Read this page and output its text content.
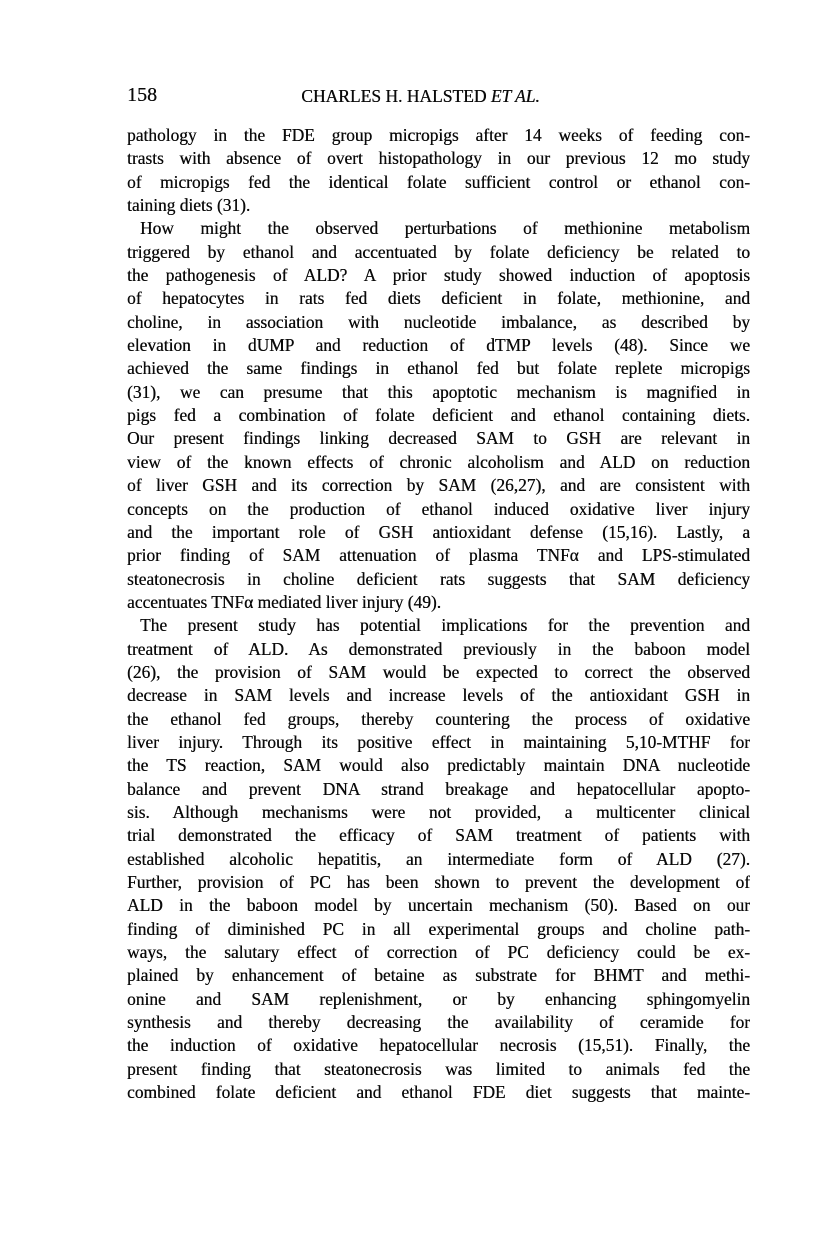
158	CHARLES H. HALSTED ET AL.
pathology in the FDE group micropigs after 14 weeks of feeding con-
trasts with absence of overt histopathology in our previous 12 mo study
of micropigs fed the identical folate sufficient control or ethanol con-
taining diets (31).
How might the observed perturbations of methionine metabolism
triggered by ethanol and accentuated by folate deficiency be related to
the pathogenesis of ALD? A prior study showed induction of apoptosis
of hepatocytes in rats fed diets deficient in folate, methionine, and
choline, in association with nucleotide imbalance, as described by
elevation in dUMP and reduction of dTMP levels (48). Since we
achieved the same findings in ethanol fed but folate replete micropigs
(31), we can presume that this apoptotic mechanism is magnified in
pigs fed a combination of folate deficient and ethanol containing diets.
Our present findings linking decreased SAM to GSH are relevant in
view of the known effects of chronic alcoholism and ALD on reduction
of liver GSH and its correction by SAM (26,27), and are consistent with
concepts on the production of ethanol induced oxidative liver injury
and the important role of GSH antioxidant defense (15,16). Lastly, a
prior finding of SAM attenuation of plasma TNFα and LPS-stimulated
steatonecrosis in choline deficient rats suggests that SAM deficiency
accentuates TNFα mediated liver injury (49).
The present study has potential implications for the prevention and
treatment of ALD. As demonstrated previously in the baboon model
(26), the provision of SAM would be expected to correct the observed
decrease in SAM levels and increase levels of the antioxidant GSH in
the ethanol fed groups, thereby countering the process of oxidative
liver injury. Through its positive effect in maintaining 5,10-MTHF for
the TS reaction, SAM would also predictably maintain DNA nucleotide
balance and prevent DNA strand breakage and hepatocellular apopto-
sis. Although mechanisms were not provided, a multicenter clinical
trial demonstrated the efficacy of SAM treatment of patients with
established alcoholic hepatitis, an intermediate form of ALD (27).
Further, provision of PC has been shown to prevent the development of
ALD in the baboon model by uncertain mechanism (50). Based on our
finding of diminished PC in all experimental groups and choline path-
ways, the salutary effect of correction of PC deficiency could be ex-
plained by enhancement of betaine as substrate for BHMT and methi-
onine and SAM replenishment, or by enhancing sphingomyelin
synthesis and thereby decreasing the availability of ceramide for
the induction of oxidative hepatocellular necrosis (15,51). Finally, the
present finding that steatonecrosis was limited to animals fed the
combined folate deficient and ethanol FDE diet suggests that mainte-
